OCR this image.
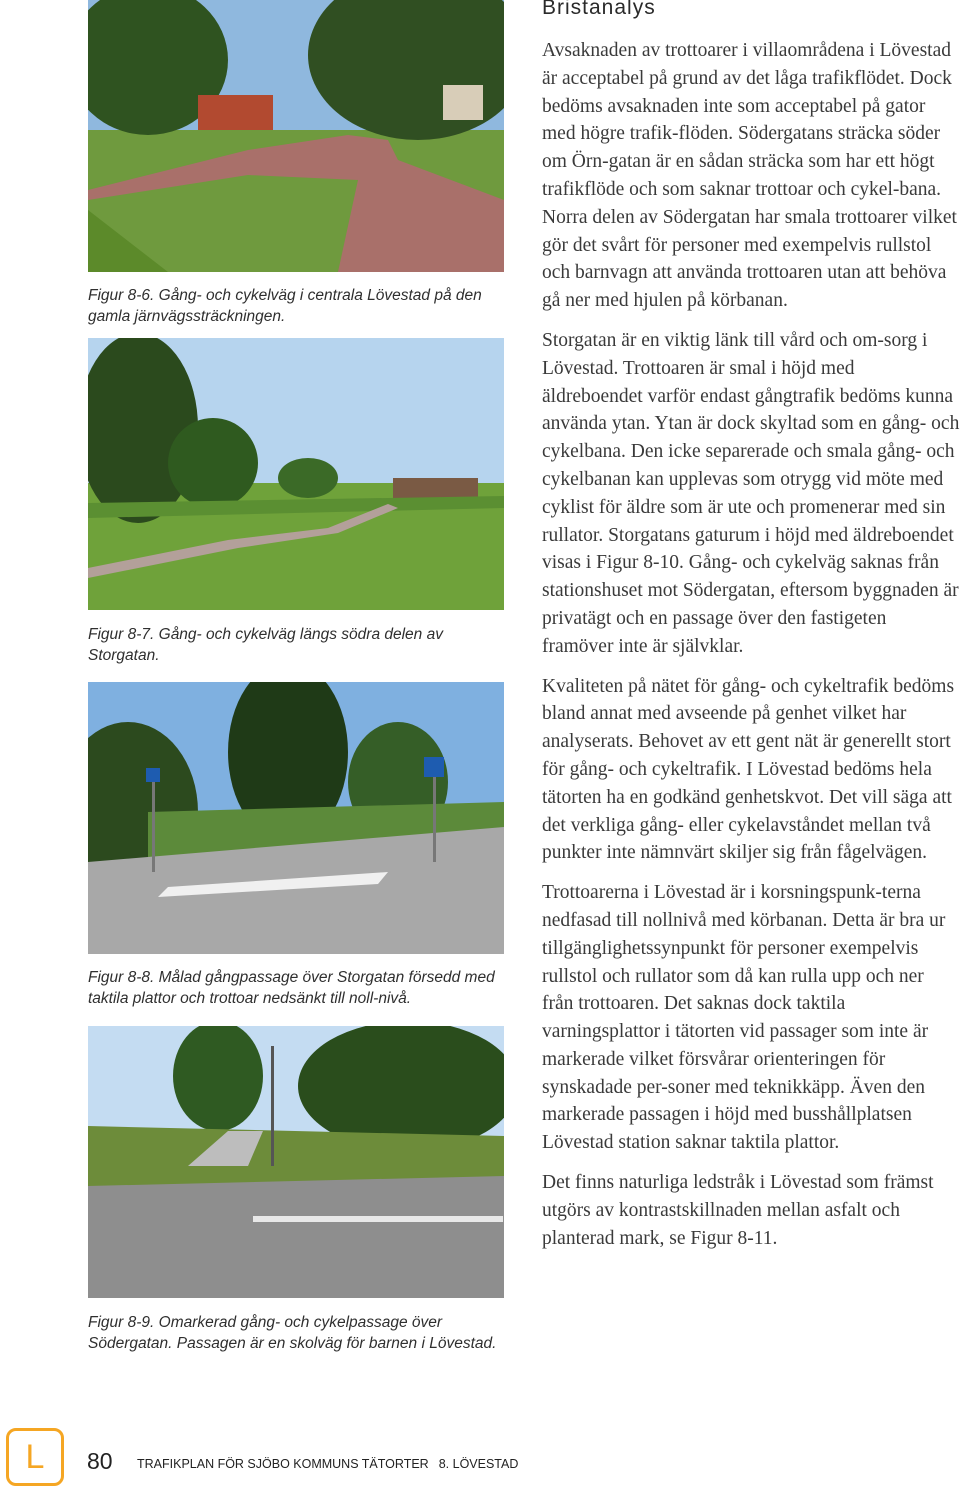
Figur 8-6. Gång- och cykelväg i centrala Lövestad på den gamla järnvägssträckningen.
Figur 8-7. Gång- och cykelväg längs södra delen av Storgatan.
Figur 8-8. Målad gångpassage över Storgatan försedd med taktila plattor och trottoar nedsänkt till noll-nivå.
Figur 8-9. Omarkerad gång- och cykelpassage över Södergatan. Passagen är en skolväg för barnen i Lövestad.
Bristanalys

Avsaknaden av trottoarer i villaområdena i Lövestad är acceptabel på grund av det låga trafikflödet. Dock bedöms avsaknaden inte som acceptabel på gator med högre trafik-flöden. Södergatans sträcka söder om Örn-gatan är en sådan sträcka som har ett högt trafikflöde och som saknar trottoar och cykel-bana. Norra delen av Södergatan har smala trottoarer vilket gör det svårt för personer med exempelvis rullstol och barnvagn att använda trottoaren utan att behöva gå ner med hjulen på körbanan.

Storgatan är en viktig länk till vård och om-sorg i Lövestad. Trottoaren är smal i höjd med äldreboendet varför endast gångtrafik bedöms kunna använda ytan. Ytan är dock skyltad som en gång- och cykelbana. Den icke separerade och smala gång- och cykelbanan kan upplevas som otrygg vid möte med cyklist för äldre som är ute och promenerar med sin rullator. Storgatans gaturum i höjd med äldreboendet visas i Figur 8-10. Gång- och cykelväg saknas från stationshuset mot Södergatan, eftersom byggnaden är privatägt och en passage över den fastigeten framöver inte är självklar.

Kvaliteten på nätet för gång- och cykeltrafik bedöms bland annat med avseende på genhet vilket har analyserats. Behovet av ett gent nät är generellt stort för gång- och cykeltrafik. I Lövestad bedöms hela tätorten ha en godkänd genhetskvot. Det vill säga att det verkliga gång- eller cykelavståndet mellan två punkter inte nämnvärt skiljer sig från fågelvägen.

Trottoarerna i Lövestad är i korsningspunk-terna nedfasad till nollnivå med körbanan. Detta är bra ur tillgänglighetssynpunkt för personer exempelvis rullstol och rullator som då kan rulla upp och ner från trottoaren. Det saknas dock taktila varningsplattor i tätorten vid passager som inte är markerade vilket försvårar orienteringen för synskadade per-soner med teknikkäpp. Även den markerade passagen i höjd med busshållplatsen Lövestad station saknar taktila plattor.

Det finns naturliga ledstråk i Lövestad som främst utgörs av kontrastskillnaden mellan asfalt och planterad mark, se Figur 8-11.

L	80 TRAFIKPLAN FÖR SJÖBO KOMMUNS TÄTORTER 8. LÖVESTAD
